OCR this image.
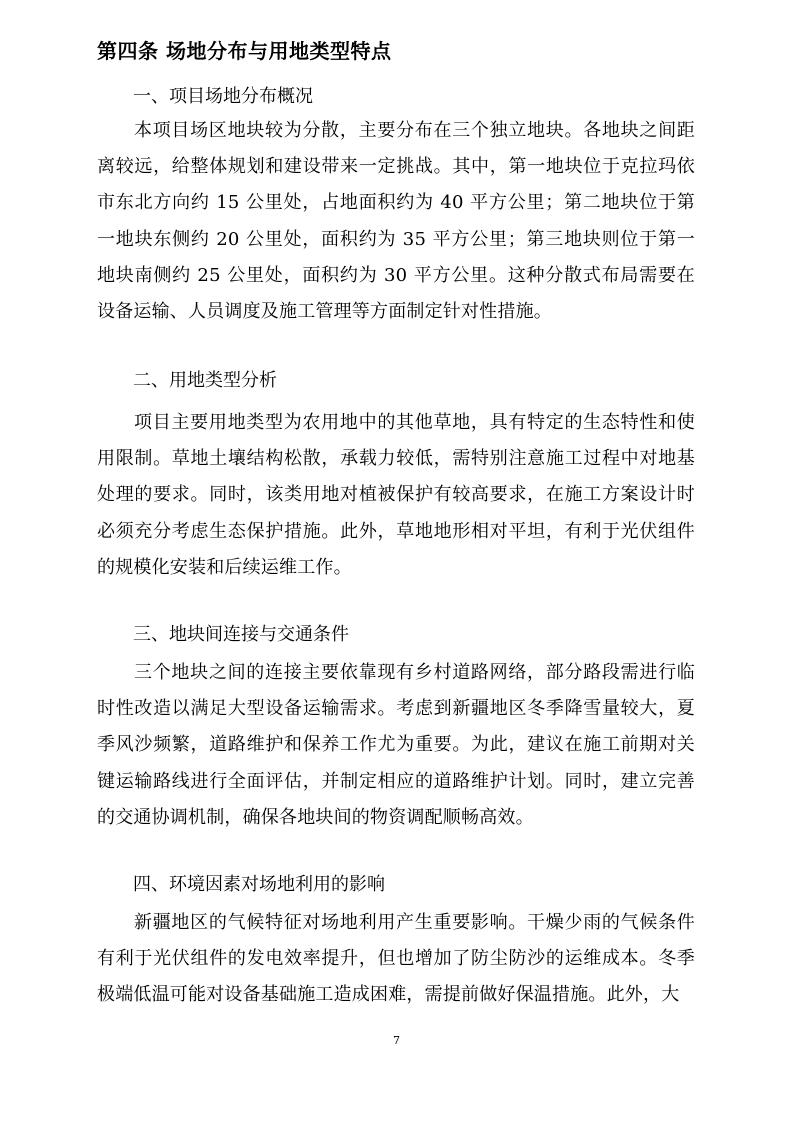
第四条 场地分布与用地类型特点
一、项目场地分布概况
本项目场区地块较为分散，主要分布在三个独立地块。各地块之间距离较远，给整体规划和建设带来一定挑战。其中，第一地块位于克拉玛依市东北方向约 15 公里处，占地面积约为 40 平方公里；第二地块位于第一地块东侧约 20 公里处，面积约为 35 平方公里；第三地块则位于第一地块南侧约 25 公里处，面积约为 30 平方公里。这种分散式布局需要在设备运输、人员调度及施工管理等方面制定针对性措施。
二、用地类型分析
项目主要用地类型为农用地中的其他草地，具有特定的生态特性和使用限制。草地土壤结构松散，承载力较低，需特别注意施工过程中对地基处理的要求。同时，该类用地对植被保护有较高要求，在施工方案设计时必须充分考虑生态保护措施。此外，草地地形相对平坦，有利于光伏组件的规模化安装和后续运维工作。
三、地块间连接与交通条件
三个地块之间的连接主要依靠现有乡村道路网络，部分路段需进行临时性改造以满足大型设备运输需求。考虑到新疆地区冬季降雪量较大，夏季风沙频繁，道路维护和保养工作尤为重要。为此，建议在施工前期对关键运输路线进行全面评估，并制定相应的道路维护计划。同时，建立完善的交通协调机制，确保各地块间的物资调配顺畅高效。
四、环境因素对场地利用的影响
新疆地区的气候特征对场地利用产生重要影响。干燥少雨的气候条件有利于光伏组件的发电效率提升，但也增加了防尘防沙的运维成本。冬季极端低温可能对设备基础施工造成困难，需提前做好保温措施。此外，大
7
